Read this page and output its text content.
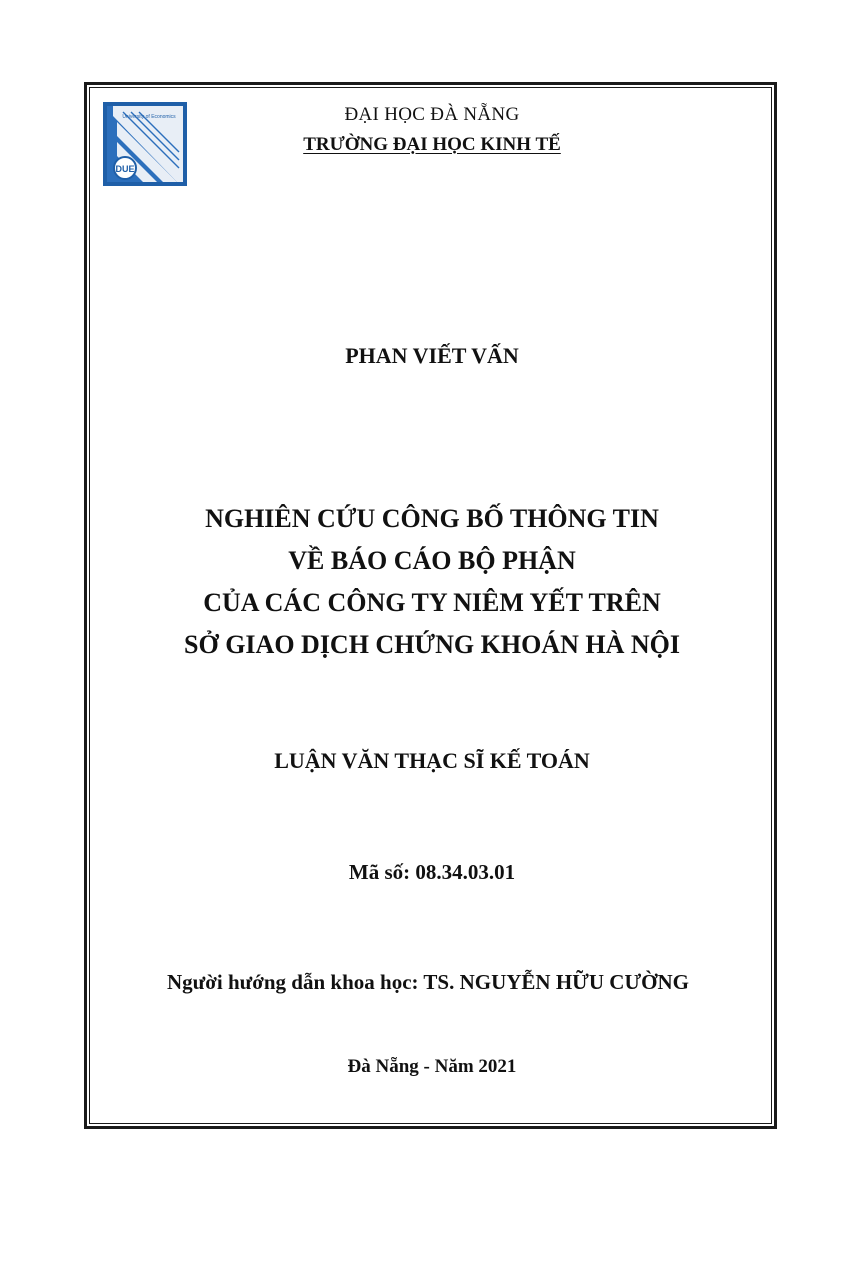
DUE
University of Economics	ĐẠI HỌC ĐÀ NẴNG
TRƯỜNG ĐẠI HỌC KINH TẾ
PHAN VIẾT VẤN
NGHIÊN CỨU CÔNG BỐ THÔNG TIN
VỀ BÁO CÁO BỘ PHẬN
CỦA CÁC CÔNG TY NIÊM YẾT TRÊN
SỞ GIAO DỊCH CHỨNG KHOÁN HÀ NỘI
LUẬN VĂN THẠC SĨ KẾ TOÁN
Mã số: 08.34.03.01
Người hướng dẫn khoa học: TS. NGUYỄN HỮU CƯỜNG
Đà Nẵng - Năm 2021
